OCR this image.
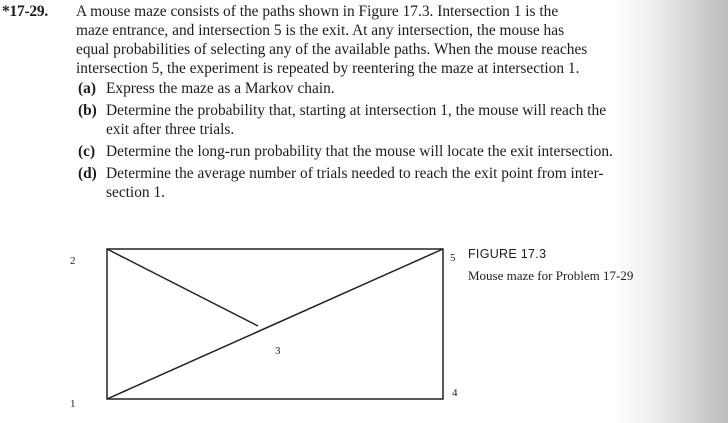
*17-29. A mouse maze consists of the paths shown in Figure 17.3. Intersection 1 is the
maze entrance, and intersection 5 is the exit. At any intersection, the mouse has
equal probabilities of selecting any of the available paths. When the mouse reaches
intersection 5, the experiment is repeated by reentering the maze at intersection 1.
(a) Express the maze as a Markov chain.
(b) Determine the probability that, starting at intersection 1, the mouse will reach the
exit after three trials.
(c) Determine the long-run probability that the mouse will locate the exit intersection.
(d) Determine the average number of trials needed to reach the exit point from inter-
section 1.
2
1
3
5
4
FIGURE 17.3
Mouse maze for Problem 17-29
